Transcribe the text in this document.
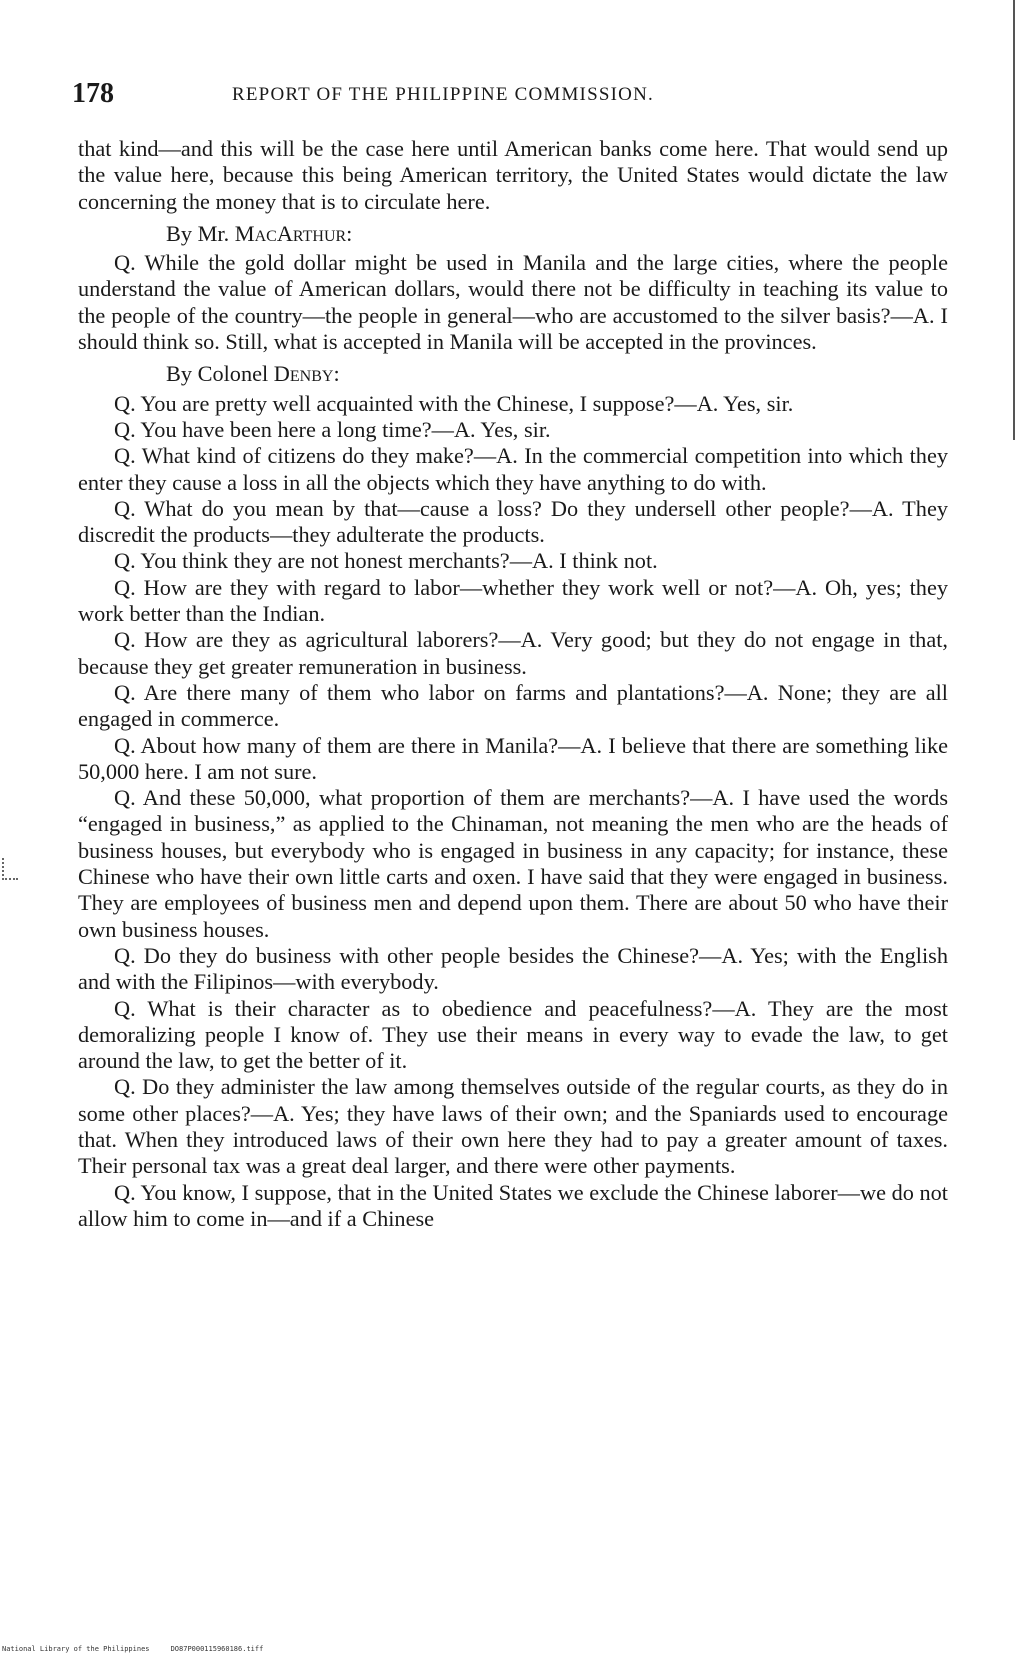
178	REPORT OF THE PHILIPPINE COMMISSION.

that kind—and this will be the case here until American banks come here. That would send up the value here, because this being American territory, the United States would dictate the law concerning the money that is to circulate here.

By Mr. MacArthur:

Q. While the gold dollar might be used in Manila and the large cities, where the people understand the value of American dollars, would there not be difficulty in teaching its value to the people of the country—the people in general—who are accustomed to the silver basis?—A. I should think so. Still, what is accepted in Manila will be accepted in the provinces.

By Colonel Denby:

Q. You are pretty well acquainted with the Chinese, I suppose?—A. Yes, sir.

Q. You have been here a long time?—A. Yes, sir.

Q. What kind of citizens do they make?—A. In the commercial competition into which they enter they cause a loss in all the objects which they have anything to do with.

Q. What do you mean by that—cause a loss? Do they undersell other people?—A. They discredit the products—they adulterate the products.

Q. You think they are not honest merchants?—A. I think not.

Q. How are they with regard to labor—whether they work well or not?—A. Oh, yes; they work better than the Indian.

Q. How are they as agricultural laborers?—A. Very good; but they do not engage in that, because they get greater remuneration in business.

Q. Are there many of them who labor on farms and plantations?—A. None; they are all engaged in commerce.

Q. About how many of them are there in Manila?—A. I believe that there are something like 50,000 here. I am not sure.

Q. And these 50,000, what proportion of them are merchants?—A. I have used the words “engaged in business,” as applied to the Chinaman, not meaning the men who are the heads of business houses, but everybody who is engaged in business in any capacity; for instance, these Chinese who have their own little carts and oxen. I have said that they were engaged in business. They are employees of business men and depend upon them. There are about 50 who have their own business houses.

Q. Do they do business with other people besides the Chinese?—A. Yes; with the English and with the Filipinos—with everybody.

Q. What is their character as to obedience and peacefulness?—A. They are the most demoralizing people I know of. They use their means in every way to evade the law, to get around the law, to get the better of it.

Q. Do they administer the law among themselves outside of the regular courts, as they do in some other places?—A. Yes; they have laws of their own; and the Spaniards used to encourage that. When they introduced laws of their own here they had to pay a greater amount of taxes. Their personal tax was a great deal larger, and there were other payments.

Q. You know, I suppose, that in the United States we exclude the Chinese laborer—we do not allow him to come in—and if a Chinese

National Library of the Philippines	DO87P000115960186.tiff
